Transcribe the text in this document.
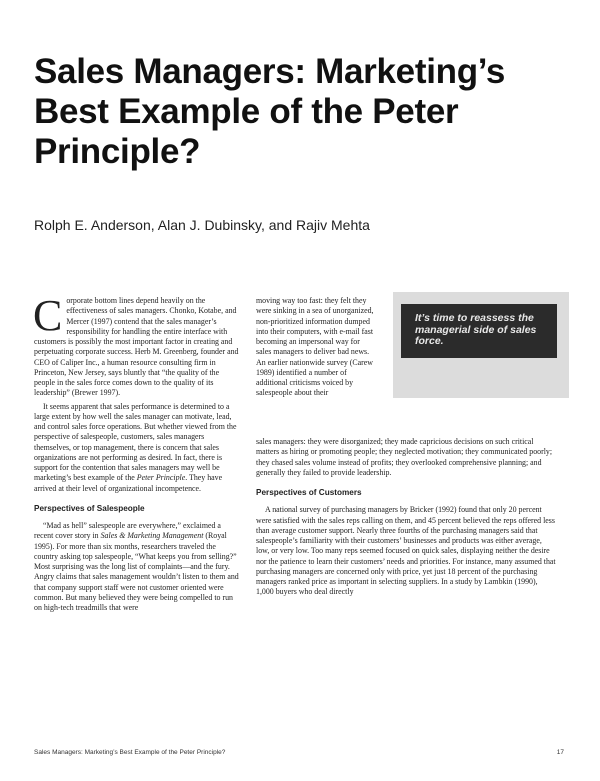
Sales Managers: Marketing’s Best Example of the Peter Principle?

Rolph E. Anderson, Alan J. Dubinsky, and Rajiv Mehta

Corporate bottom lines depend heavily on the effectiveness of sales managers. Chonko, Kotabe, and Mercer (1997) contend that the sales manager’s responsibility for handling the entire interface with customers is possibly the most important factor in creating and perpetuating corporate success. Herb M. Greenberg, founder and CEO of Caliper Inc., a human resource consulting firm in Princeton, New Jersey, says bluntly that “the quality of the people in the sales force comes down to the quality of its leadership” (Brewer 1997).

It seems apparent that sales performance is determined to a large extent by how well the sales manager can motivate, lead, and control sales force operations. But whether viewed from the perspective of salespeople, customers, sales managers themselves, or top management, there is concern that sales organizations are not performing as desired. In fact, there is support for the contention that sales managers may well be marketing’s best example of the Peter Principle. They have arrived at their level of organizational incompetence.

Perspectives of Salespeople

“Mad as hell” salespeople are everywhere,” exclaimed a recent cover story in Sales & Marketing Management (Royal 1995). For more than six months, researchers traveled the country asking top salespeople, “What keeps you from selling?” Most surprising was the long list of complaints—and the fury. Angry claims that sales management wouldn’t listen to them and that company support staff were not customer oriented were common. But many believed they were being compelled to run on high-tech treadmills that were

moving way too fast: they felt they were sinking in a sea of unorganized, non-prioritized information dumped into their computers, with e-mail fast becoming an impersonal way for sales managers to deliver bad news. An earlier nationwide survey (Carew 1989) identified a number of additional criticisms voiced by salespeople about their

sales managers: they were disorganized; they made capricious decisions on such critical matters as hiring or promoting people; they neglected motivation; they communicated poorly; they chased sales volume instead of profits; they overlooked comprehensive planning; and generally they failed to provide leadership.

Perspectives of Customers

A national survey of purchasing managers by Bricker (1992) found that only 20 percent were satisfied with the sales reps calling on them, and 45 percent believed the reps offered less than average customer support. Nearly three fourths of the purchasing managers said that salespeople’s familiarity with their customers’ businesses and products was either average, low, or very low. Too many reps seemed focused on quick sales, displaying neither the desire nor the patience to learn their customers’ needs and priorities. For instance, many assumed that purchasing managers are concerned only with price, yet just 18 percent of the purchasing managers ranked price as important in selecting suppliers. In a study by Lambkin (1990), 1,000 buyers who deal directly

It’s time to reassess the managerial side of sales force.

Sales Managers: Marketing’s Best Example of the Peter Principle?	17
